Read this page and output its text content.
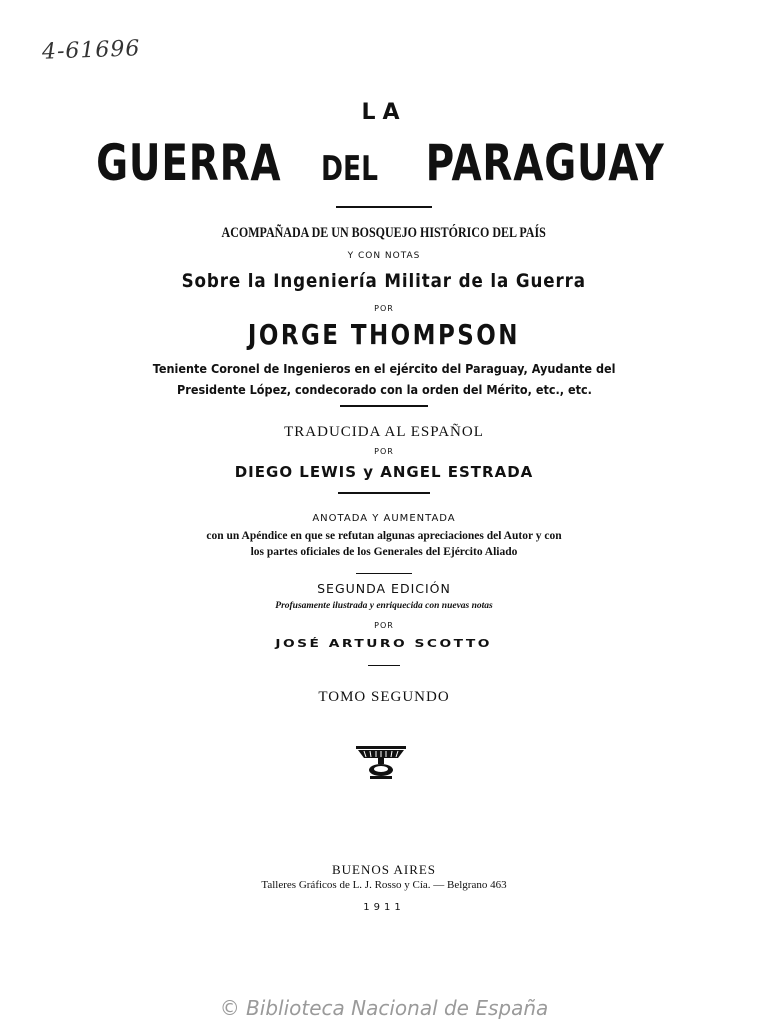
4-61696
LA
GUERRA DEL PARAGUAY
ACOMPAÑADA DE UN BOSQUEJO HISTÓRICO DEL PAÍS
Y CON NOTAS
Sobre la Ingeniería Militar de la Guerra
POR
JORGE THOMPSON
Teniente Coronel de Ingenieros en el ejército del Paraguay, Ayudante del
Presidente López, condecorado con la orden del Mérito, etc., etc.
TRADUCIDA AL ESPAÑOL
POR
DIEGO LEWIS y ANGEL ESTRADA
ANOTADA Y AUMENTADA
con un Apéndice en que se refutan algunas apreciaciones del Autor y con
los partes oficiales de los Generales del Ejército Aliado
SEGUNDA EDICIÓN
Profusamente ilustrada y enriquecida con nuevas notas
POR
JOSÉ ARTURO SCOTTO
TOMO SEGUNDO
BUENOS AIRES
Talleres Gráficos de L. J. Rosso y Cía. — Belgrano 463
1911
© Biblioteca Nacional de España
